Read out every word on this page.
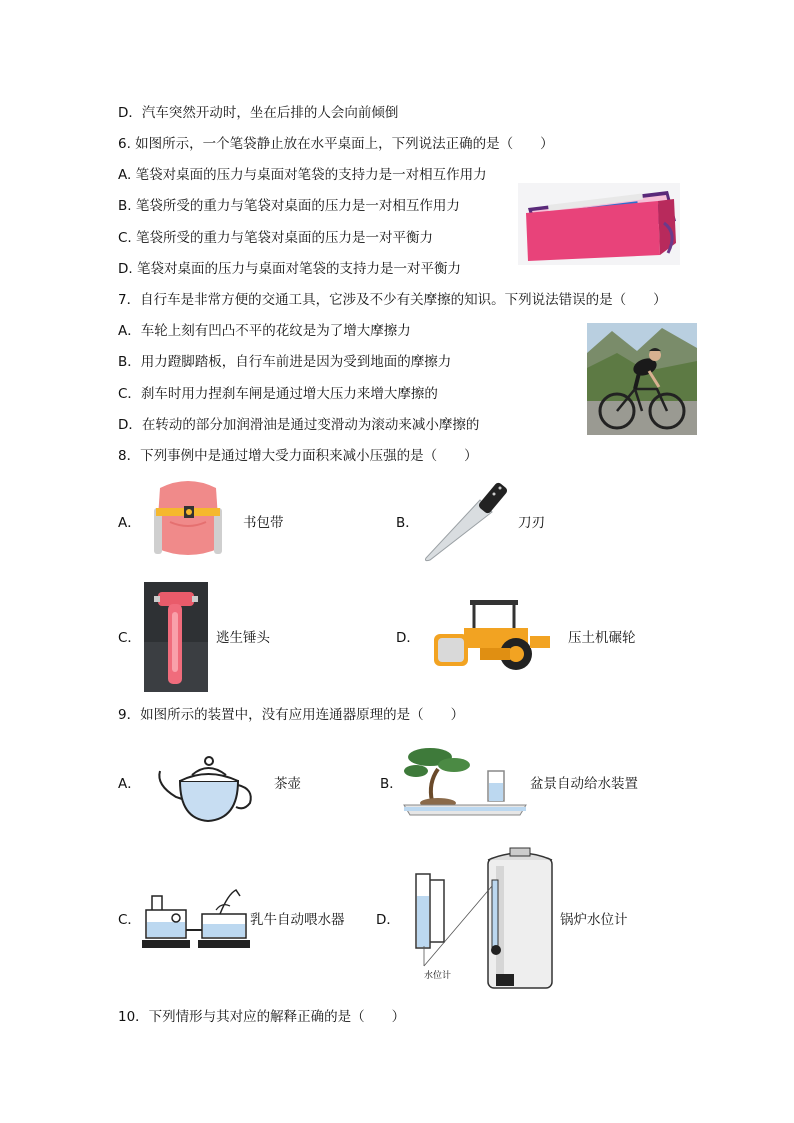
D．汽车突然开动时，坐在后排的人会向前倾倒
6. 如图所示，一个笔袋静止放在水平桌面上，下列说法正确的是（　　）
A. 笔袋对桌面的压力与桌面对笔袋的支持力是一对相互作用力
B. 笔袋所受的重力与笔袋对桌面的压力是一对相互作用力
C. 笔袋所受的重力与笔袋对桌面的压力是一对平衡力
D. 笔袋对桌面的压力与桌面对笔袋的支持力是一对平衡力
7．自行车是非常方便的交通工具，它涉及不少有关摩擦的知识。下列说法错误的是（　　）
A．车轮上刻有凹凸不平的花纹是为了增大摩擦力
B．用力蹬脚踏板，自行车前进是因为受到地面的摩擦力
C．刹车时用力捏刹车闸是通过增大压力来增大摩擦的
D．在转动的部分加润滑油是通过变滑动为滚动来减小摩擦的
8．下列事例中是通过增大受力面积来减小压强的是（　　）
A．	书包带	B．	刀刃
C．	逃生锤头	D．	压土机碾轮
9．如图所示的装置中，没有应用连通器原理的是（　　）
A．	茶壶	B．	盆景自动给水装置
C．	乳牛自动喂水器 D．
水位计
锅炉水位计
10．下列情形与其对应的解释正确的是（　　）
